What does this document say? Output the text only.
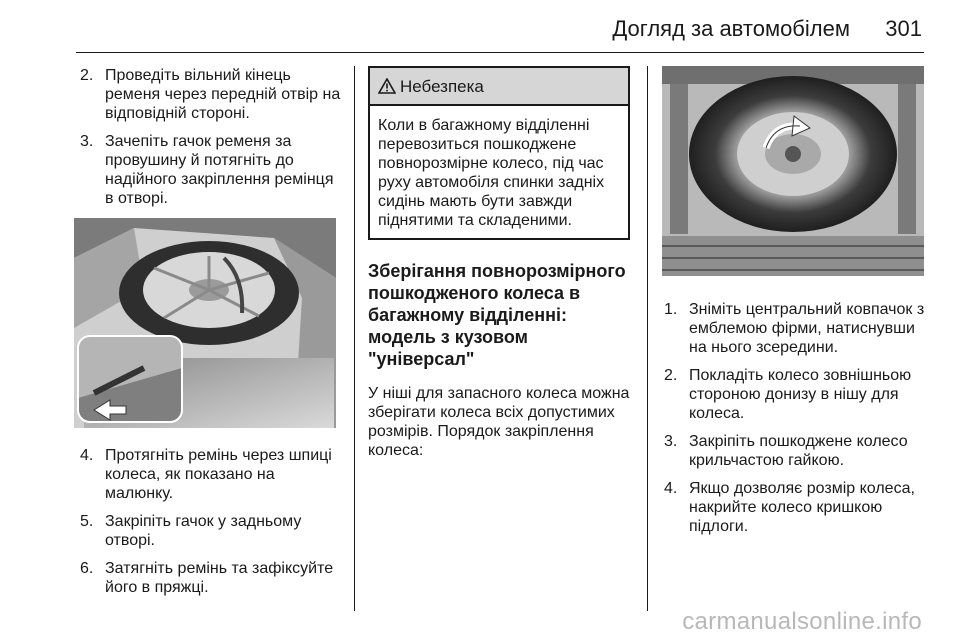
Догляд за автомобілем 301
2. Проведіть вільний кінець ременя через передній отвір на відповідній стороні.
3. Зачепіть гачок ременя за провушину й потягніть до надійного закріплення ремінця в отворі.
4. Протягніть ремінь через шпиці колеса, як показано на малюнку.
5. Закріпіть гачок у задньому отворі.
6. Затягніть ремінь та зафіксуйте його в пряжці.
Небезпека
Коли в багажному відділенні перевозиться пошкоджене повнорозмірне колесо, під час руху автомобіля спинки задніх сидінь мають бути завжди піднятими та складеними.
Зберігання повнорозмірного пошкодженого колеса в багажному відділенні: модель з кузовом "універсал"

У ніші для запасного колеса можна зберігати колеса всіх допустимих розмірів. Порядок закріплення колеса:

1. Зніміть центральний ковпачок з емблемою фірми, натиснувши на нього зсередини.
2. Покладіть колесо зовнішньою стороною донизу в нішу для колеса.
3. Закріпіть пошкоджене колесо крильчастою гайкою.
4. Якщо дозволяє розмір колеса, накрийте колесо кришкою підлоги.
carmanualsonline.info
